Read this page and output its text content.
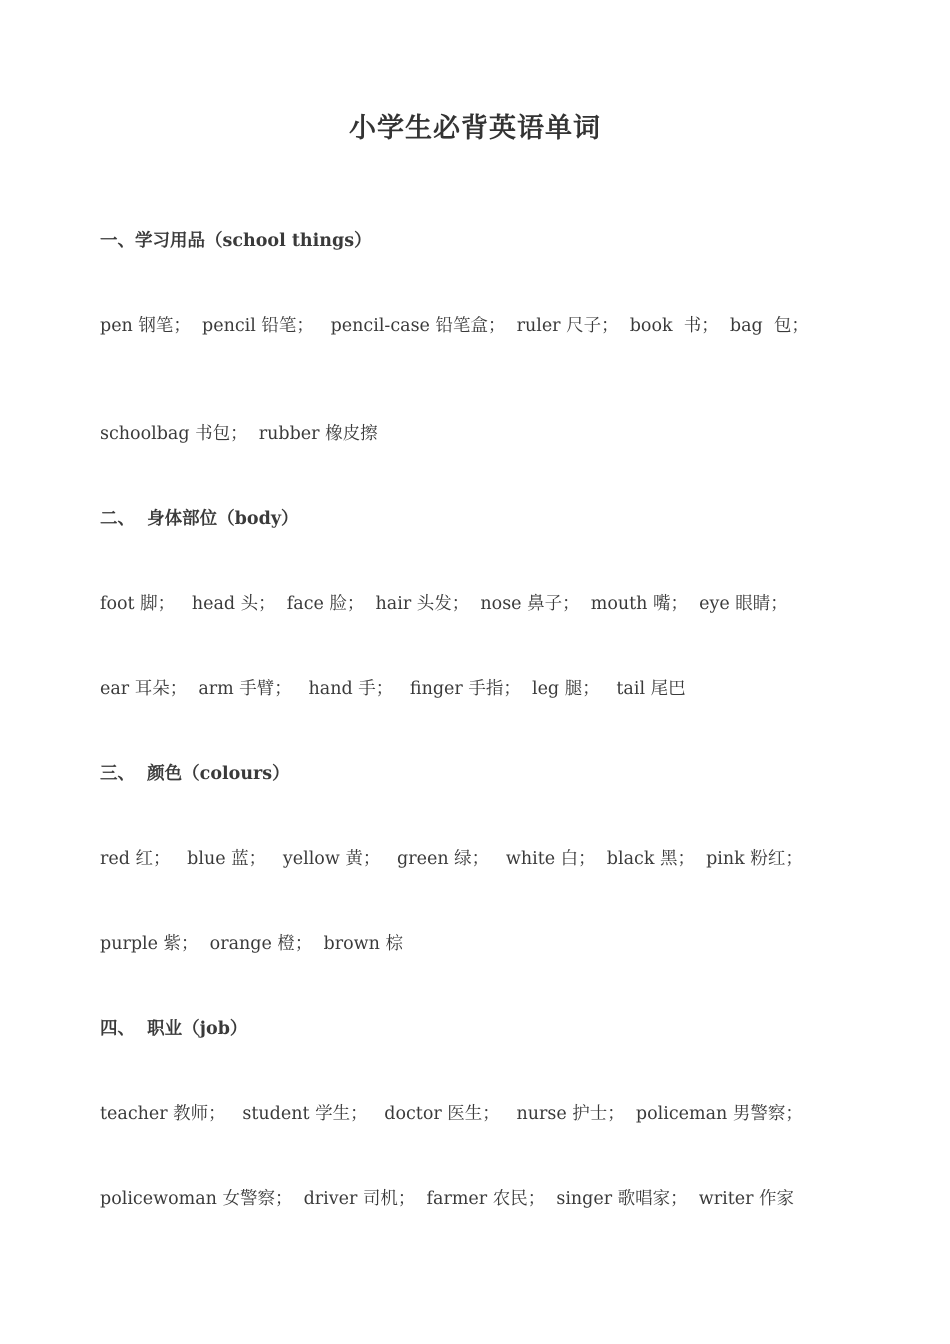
小学生必背英语单词
一、学习用品（school things）
pen 钢笔；  pencil 铅笔；   pencil-case 铅笔盒；  ruler 尺子；  book  书；  bag  包；
schoolbag 书包；  rubber 橡皮擦
二、  身体部位（body）
foot 脚；   head 头；  face 脸；  hair 头发；  nose 鼻子；  mouth 嘴；  eye 眼睛；
ear 耳朵；  arm 手臂；   hand 手；   finger 手指；  leg 腿；   tail 尾巴
三、  颜色（colours）
red 红；   blue 蓝；   yellow 黄；   green 绿；   white 白；  black 黑；  pink 粉红；
purple 紫；  orange 橙；  brown 棕
四、  职业（job）
teacher 教师；   student 学生；   doctor 医生；   nurse 护士；  policeman 男警察；
policewoman 女警察；  driver 司机；  farmer 农民；  singer 歌唱家；  writer 作家
